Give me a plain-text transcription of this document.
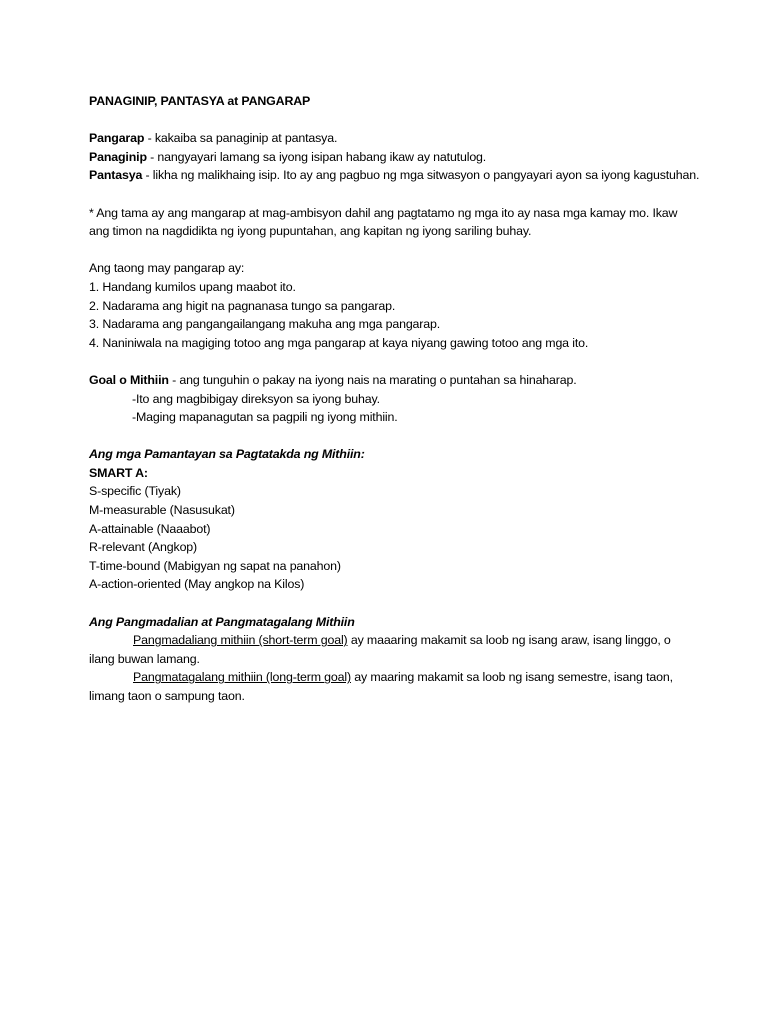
PANAGINIP, PANTASYA at PANGARAP
Pangarap - kakaiba sa panaginip at pantasya.
Panaginip - nangyayari lamang sa iyong isipan habang ikaw ay natutulog.
Pantasya - likha ng malikhaing isip. Ito ay ang pagbuo ng mga sitwasyon o pangyayari ayon sa iyong kagustuhan.
* Ang tama ay ang mangarap at mag-ambisyon dahil ang pagtatamo ng mga ito ay nasa mga kamay mo. Ikaw
ang timon na nagdidikta ng iyong pupuntahan, ang kapitan ng iyong sariling buhay.
Ang taong may pangarap ay:
1. Handang kumilos upang maabot ito.
2. Nadarama ang higit na pagnanasa tungo sa pangarap.
3. Nadarama ang pangangailangang makuha ang mga pangarap.
4. Naniniwala na magiging totoo ang mga pangarap at kaya niyang gawing totoo ang mga ito.
Goal o Mithiin - ang tunguhin o pakay na iyong nais na marating o puntahan sa hinaharap.
-Ito ang magbibigay direksyon sa iyong buhay.
-Maging mapanagutan sa pagpili ng iyong mithiin.
Ang mga Pamantayan sa Pagtatakda ng Mithiin:
SMART A:
S-specific (Tiyak)
M-measurable (Nasusukat)
A-attainable (Naaabot)
R-relevant (Angkop)
T-time-bound (Mabigyan ng sapat na panahon)
A-action-oriented (May angkop na Kilos)
Ang Pangmadalian at Pangmatagalang Mithiin
Pangmadaliang mithiin (short-term goal) ay maaaring makamit sa loob ng isang araw, isang linggo, o
ilang buwan lamang.
Pangmatagalang mithiin (long-term goal) ay maaring makamit sa loob ng isang semestre, isang taon,
limang taon o sampung taon.
